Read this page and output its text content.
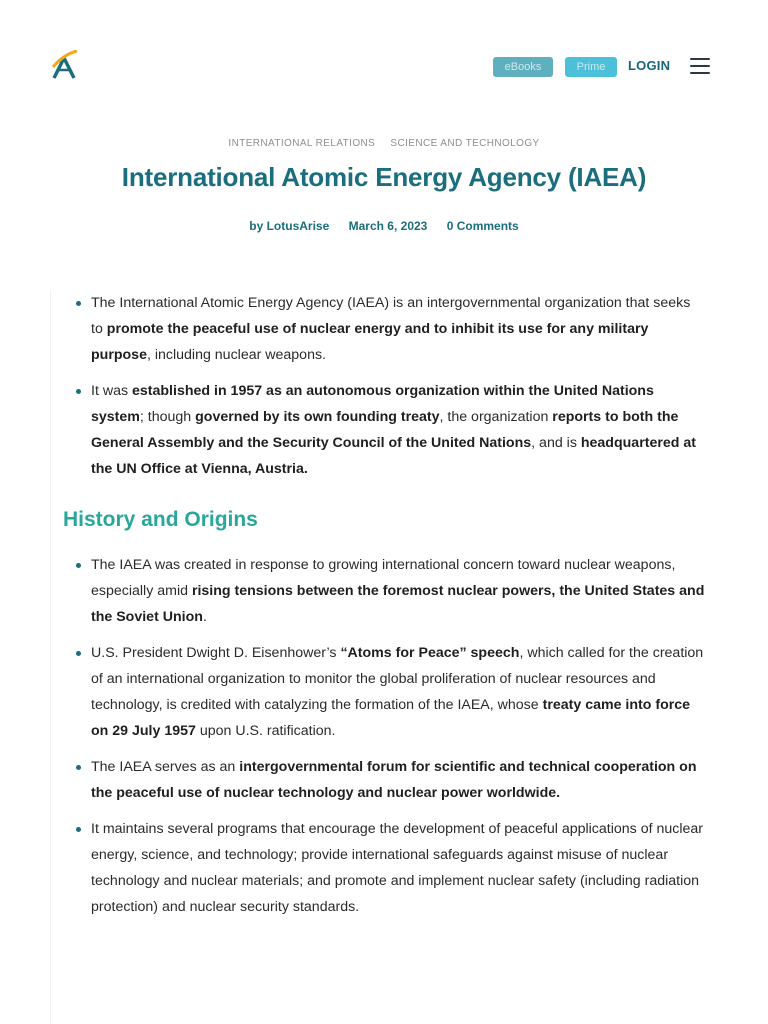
eBooks	Prime	LOGIN
INTERNATIONAL RELATIONS SCIENCE AND TECHNOLOGY
International Atomic Energy Agency (IAEA)
by LotusArise March 6, 2023 0 Comments
The International Atomic Energy Agency (IAEA) is an intergovernmental organization that seeks to promote the peaceful use of nuclear energy and to inhibit its use for any military purpose, including nuclear weapons.
It was established in 1957 as an autonomous organization within the United Nations system; though governed by its own founding treaty, the organization reports to both the General Assembly and the Security Council of the United Nations, and is headquartered at the UN Office at Vienna, Austria.
History and Origins
The IAEA was created in response to growing international concern toward nuclear weapons, especially amid rising tensions between the foremost nuclear powers, the United States and the Soviet Union.
U.S. President Dwight D. Eisenhower’s “Atoms for Peace” speech, which called for the creation of an international organization to monitor the global proliferation of nuclear resources and technology, is credited with catalyzing the formation of the IAEA, whose treaty came into force on 29 July 1957 upon U.S. ratification.
The IAEA serves as an intergovernmental forum for scientific and technical cooperation on the peaceful use of nuclear technology and nuclear power worldwide.
It maintains several programs that encourage the development of peaceful applications of nuclear energy, science, and technology; provide international safeguards against misuse of nuclear technology and nuclear materials; and promote and implement nuclear safety (including radiation protection) and nuclear security standards.
